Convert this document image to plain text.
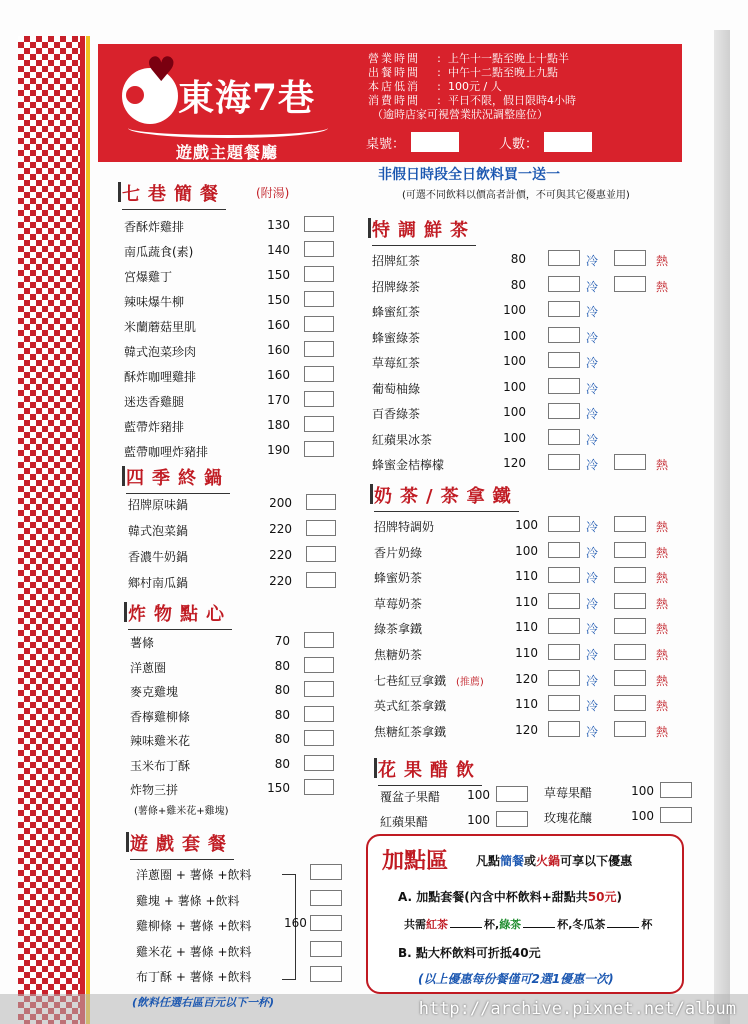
♥
東海7巷
遊戲主題餐廳
營業時間	: 上午十一點至晚上十點半
出餐時間	: 中午十二點至晚上九點
本店低消	: 100元 / 人
消費時間	: 平日不限，假日限時4小時
（逾時店家可視營業狀況調整座位）
桌號：	人數：
非假日時段全日飲料買一送一
(可選不同飲料以價高者計價，不可與其它優惠並用)
七巷簡餐	(附湯)
香酥炸雞排	130
南瓜蔬食(素)	140
宮爆雞丁	150
辣味爆牛柳	150
米蘭蘑菇里肌	160
韓式泡菜珍肉	160
酥炸咖哩雞排	160
迷迭香雞腿	170
藍帶炸豬排	180
藍帶咖哩炸豬排	190
四季終鍋
招牌原味鍋	200
韓式泡菜鍋	220
香濃牛奶鍋	220
鄉村南瓜鍋	220
炸物點心
薯條	70
洋蔥圈	80
麥克雞塊	80
香檸雞柳條	80
辣味雞米花	80
玉米布丁酥	80
炸物三拼	150
(薯條+雞米花+雞塊)
遊戲套餐
洋蔥圈 + 薯條 +飲料
雞塊 + 薯條 +飲料
雞柳條 + 薯條 +飲料
雞米花 + 薯條 +飲料
布丁酥 + 薯條 +飲料
160
特調鮮茶
招牌紅茶	80	冷	熱
招牌綠茶	80	冷	熱
蜂蜜紅茶	100	冷
蜂蜜綠茶	100	冷
草莓紅茶	100	冷
葡萄柚綠	100	冷
百香綠茶	100	冷
紅蘋果冰茶	100	冷
蜂蜜金桔檸檬	120	冷	熱
奶茶/茶拿鐵
招牌特調奶	100	冷	熱
香片奶綠	100	冷	熱
蜂蜜奶茶	110	冷	熱
草莓奶茶	110	冷	熱
綠茶拿鐵	110	冷	熱
焦糖奶茶	110	冷	熱
七巷紅豆拿鐵 (推薦)	120	冷	熱
英式紅茶拿鐵	110	冷	熱
焦糖紅茶拿鐵	120	冷	熱
花果醋飲
覆盆子果醋	100	草莓果醋	100
紅蘋果醋	100	玫瑰花釀	100
加點區 凡點簡餐或火鍋可享以下優惠
A. 加點套餐(內含中杯飲料+甜點共50元)
共需紅茶	杯,綠茶	杯,冬瓜茶	杯
B. 點大杯飲料可折抵40元
(以上優惠每份餐僅可2選1優惠一次)
(飲料任選右區百元以下一杯)	http://archive.pixnet.net/album
